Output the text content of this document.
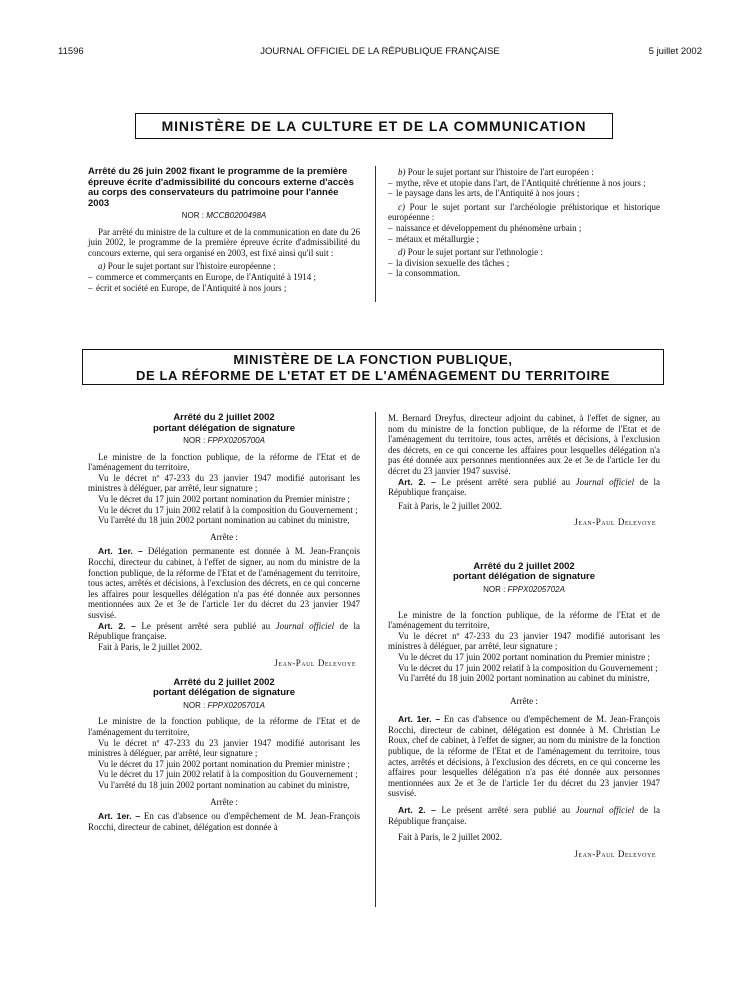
11596	JOURNAL OFFICIEL DE LA RÉPUBLIQUE FRANÇAISE	5 juillet 2002
MINISTÈRE DE LA CULTURE ET DE LA COMMUNICATION
Arrêté du 26 juin 2002 fixant le programme de la première épreuve écrite d'admissibilité du concours externe d'accès au corps des conservateurs du patrimoine pour l'année 2003
NOR : MCCB0200498A

Par arrêté du ministre de la culture et de la communication en date du 26 juin 2002, le programme de la première épreuve écrite d'admissibilité du concours externe, qui sera organisé en 2003, est fixé ainsi qu'il suit :

a) Pour le sujet portant sur l'histoire européenne :

– commerce et commerçants en Europe, de l'Antiquité à 1914 ;

– écrit et société en Europe, de l'Antiquité à nos jours ;

b) Pour le sujet portant sur l'histoire de l'art européen :

– mythe, rêve et utopie dans l'art, de l'Antiquité chrétienne à nos jours ;

– le paysage dans les arts, de l'Antiquité à nos jours ;

c) Pour le sujet portant sur l'archéologie préhistorique et historique européenne :

– naissance et développement du phénomène urbain ;

– métaux et métallurgie ;

d) Pour le sujet portant sur l'ethnologie :

– la division sexuelle des tâches ;

– la consommation.

MINISTÈRE DE LA FONCTION PUBLIQUE,
DE LA RÉFORME DE L'ETAT ET DE L'AMÉNAGEMENT DU TERRITOIRE
Arrêté du 2 juillet 2002
portant délégation de signature
NOR : FPPX0205700A

Le ministre de la fonction publique, de la réforme de l'Etat et de l'aménagement du territoire,

Vu le décret nº 47-233 du 23 janvier 1947 modifié autorisant les ministres à déléguer, par arrêté, leur signature ;

Vu le décret du 17 juin 2002 portant nomination du Premier ministre ;

Vu le décret du 17 juin 2002 relatif à la composition du Gouvernement ;

Vu l'arrêté du 18 juin 2002 portant nomination au cabinet du ministre,

Arrête :

Art. 1er. – Délégation permanente est donnée à M. Jean-François Rocchi, directeur du cabinet, à l'effet de signer, au nom du ministre de la fonction publique, de la réforme de l'Etat et de l'aménagement du territoire, tous actes, arrêtés et décisions, à l'exclusion des décrets, en ce qui concerne les affaires pour lesquelles délégation n'a pas été donnée aux personnes mentionnées aux 2e et 3e de l'article 1er du décret du 23 janvier 1947 susvisé.

Art. 2. – Le présent arrêté sera publié au Journal officiel de la République française.

Fait à Paris, le 2 juillet 2002.

Jean-Paul Delevoye

Arrêté du 2 juillet 2002
portant délégation de signature
NOR : FPPX0205701A

Le ministre de la fonction publique, de la réforme de l'Etat et de l'aménagement du territoire,

Vu le décret nº 47-233 du 23 janvier 1947 modifié autorisant les ministres à déléguer, par arrêté, leur signature ;

Vu le décret du 17 juin 2002 portant nomination du Premier ministre ;

Vu le décret du 17 juin 2002 relatif à la composition du Gouvernement ;

Vu l'arrêté du 18 juin 2002 portant nomination au cabinet du ministre,

Arrête :

Art. 1er. – En cas d'absence ou d'empêchement de M. Jean-François Rocchi, directeur de cabinet, délégation est donnée à

M. Bernard Dreyfus, directeur adjoint du cabinet, à l'effet de signer, au nom du ministre de la fonction publique, de la réforme de l'Etat et de l'aménagement du territoire, tous actes, arrêtés et décisions, à l'exclusion des décrets, en ce qui concerne les affaires pour lesquelles délégation n'a pas été donnée aux personnes mentionnées aux 2e et 3e de l'article 1er du décret du 23 janvier 1947 susvisé.

Art. 2. – Le présent arrêté sera publié au Journal officiel de la République française.

Fait à Paris, le 2 juillet 2002.

Jean-Paul Delevoye

Arrêté du 2 juillet 2002
portant délégation de signature
NOR : FPPX0205702A

Le ministre de la fonction publique, de la réforme de l'Etat et de l'aménagement du territoire,

Vu le décret nº 47-233 du 23 janvier 1947 modifié autorisant les ministres à déléguer, par arrêté, leur signature ;

Vu le décret du 17 juin 2002 portant nomination du Premier ministre ;

Vu le décret du 17 juin 2002 relatif à la composition du Gouvernement ;

Vu l'arrêté du 18 juin 2002 portant nomination au cabinet du ministre,

Arrête :

Art. 1er. – En cas d'absence ou d'empêchement de M. Jean-François Rocchi, directeur de cabinet, délégation est donnée à M. Christian Le Roux, chef de cabinet, à l'effet de signer, au nom du ministre de la fonction publique, de la réforme de l'Etat et de l'aménagement du territoire, tous actes, arrêtés et décisions, à l'exclusion des décrets, en ce qui concerne les affaires pour lesquelles délégation n'a pas été donnée aux personnes mentionnées aux 2e et 3e de l'article 1er du décret du 23 janvier 1947 susvisé.

Art. 2. – Le présent arrêté sera publié au Journal officiel de la République française.

Fait à Paris, le 2 juillet 2002.

Jean-Paul Delevoye
